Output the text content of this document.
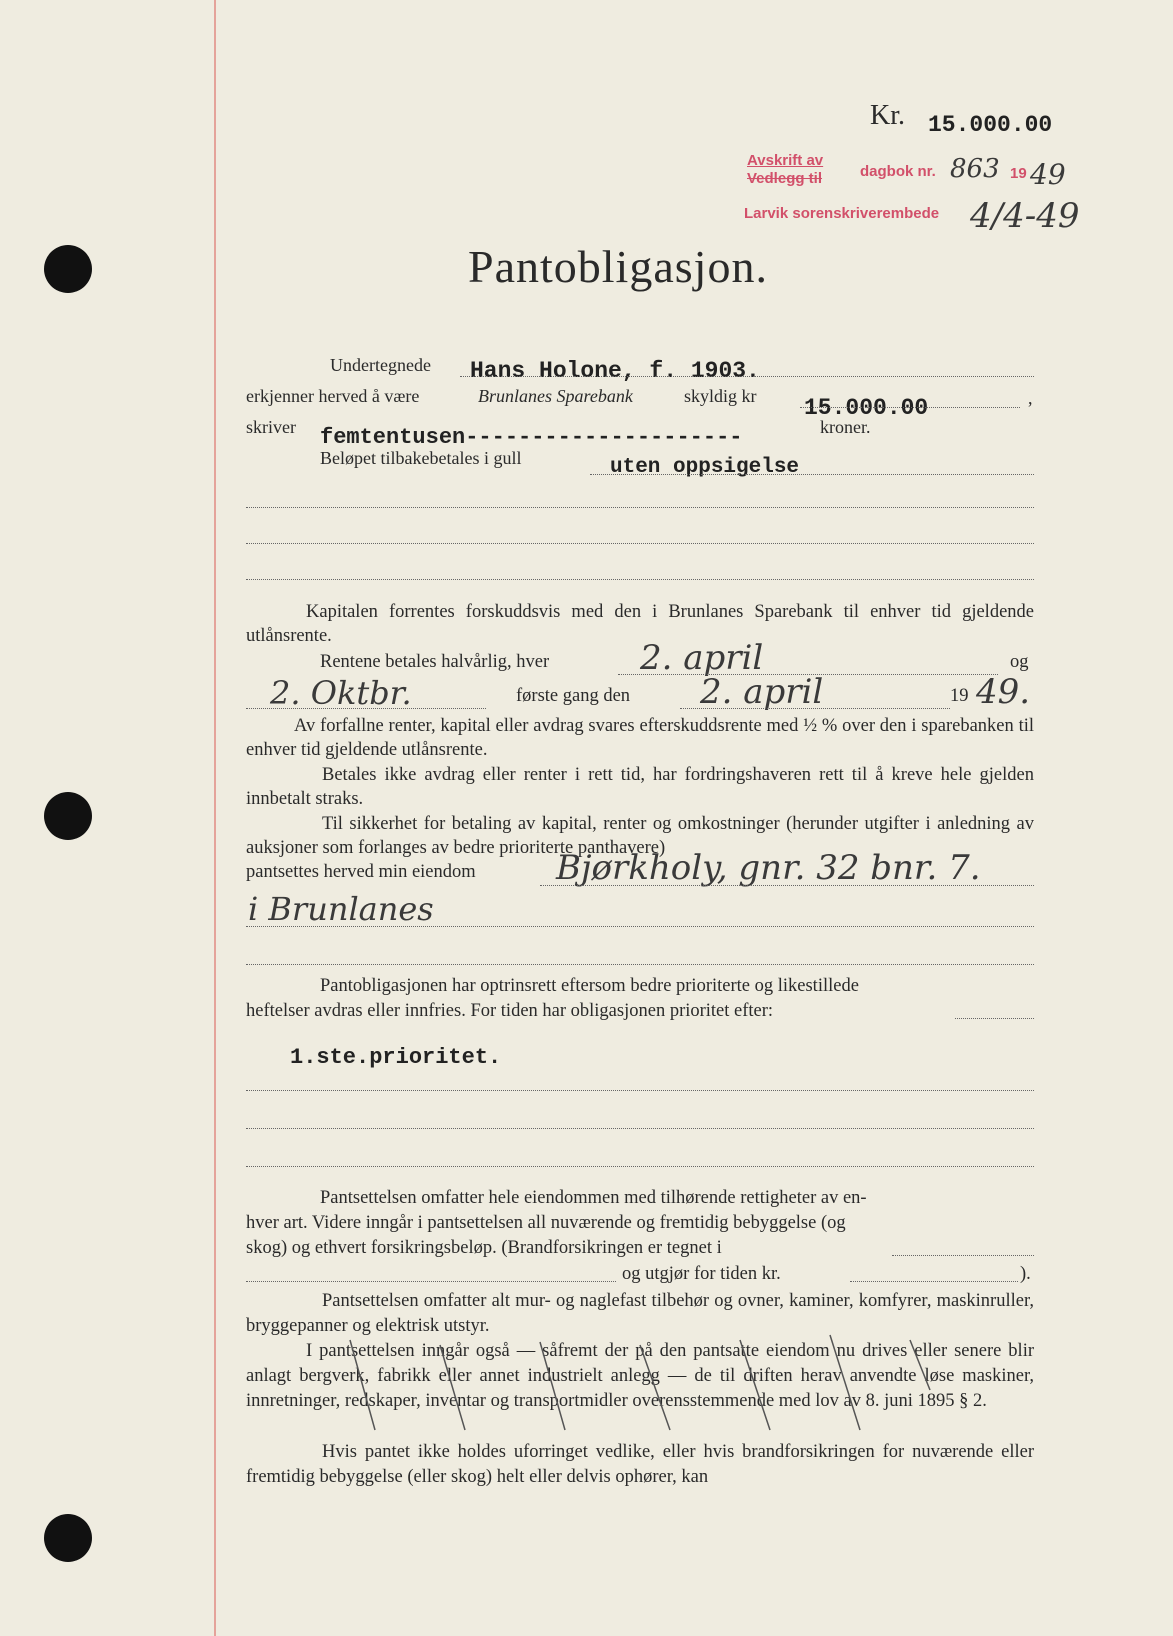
Kr. 15.000.00
Avskrift av
Vedlegg til	dagbok nr. 863 19 49
Larvik sorenskriverembede 4/4-49
Pantobligasjon.
Undertegnede Hans Holone, f. 1903.
erkjenner herved å være	Brunlanes Sparebank	skyldig kr 15.000.00	,
skriver femtentusen---------------------	kroner.
Beløpet tilbakebetales i gull	uten oppsigelse
Kapitalen forrentes forskuddsvis med den i Brunlanes Sparebank til enhver tid gjeldende utlånsrente.
Rentene betales halvårlig, hver	2. april	og
2. Oktbr.	første gang den 2. april	19 49.
Av forfallne renter, kapital eller avdrag svares efterskuddsrente med ½ % over den i sparebanken til enhver tid gjeldende utlånsrente.
Betales ikke avdrag eller renter i rett tid, har fordringshaveren rett til å kreve hele gjelden innbetalt straks.
Til sikkerhet for betaling av kapital, renter og omkostninger (herunder utgifter i anledning av auksjoner som forlanges av bedre prioriterte panthavere)
pantsettes herved min eiendom Bjørkholy, gnr. 32 bnr. 7.
i Brunlanes
Pantobligasjonen har optrinsrett eftersom bedre prioriterte og likestillede
heftelser avdras eller innfries. For tiden har obligasjonen prioritet efter:
1.ste.prioritet.
Pantsettelsen omfatter hele eiendommen med tilhørende rettigheter av en-
hver art. Videre inngår i pantsettelsen all nuværende og fremtidig bebyggelse (og
skog) og ethvert forsikringsbeløp. (Brandforsikringen er tegnet i
og utgjør for tiden kr.	).
Pantsettelsen omfatter alt mur- og naglefast tilbehør og ovner, kaminer, komfyrer, maskinruller, bryggepanner og elektrisk utstyr.
I pantsettelsen inngår også — såfremt der på den pantsatte eiendom nu drives eller senere blir anlagt bergverk, fabrikk eller annet industrielt anlegg — de til driften herav anvendte løse maskiner, innretninger, redskaper, inventar og transportmidler overensstemmende med lov av 8. juni 1895 § 2.
Hvis pantet ikke holdes uforringet vedlike, eller hvis brandforsikringen for nuværende eller fremtidig bebyggelse (eller skog) helt eller delvis ophører, kan
